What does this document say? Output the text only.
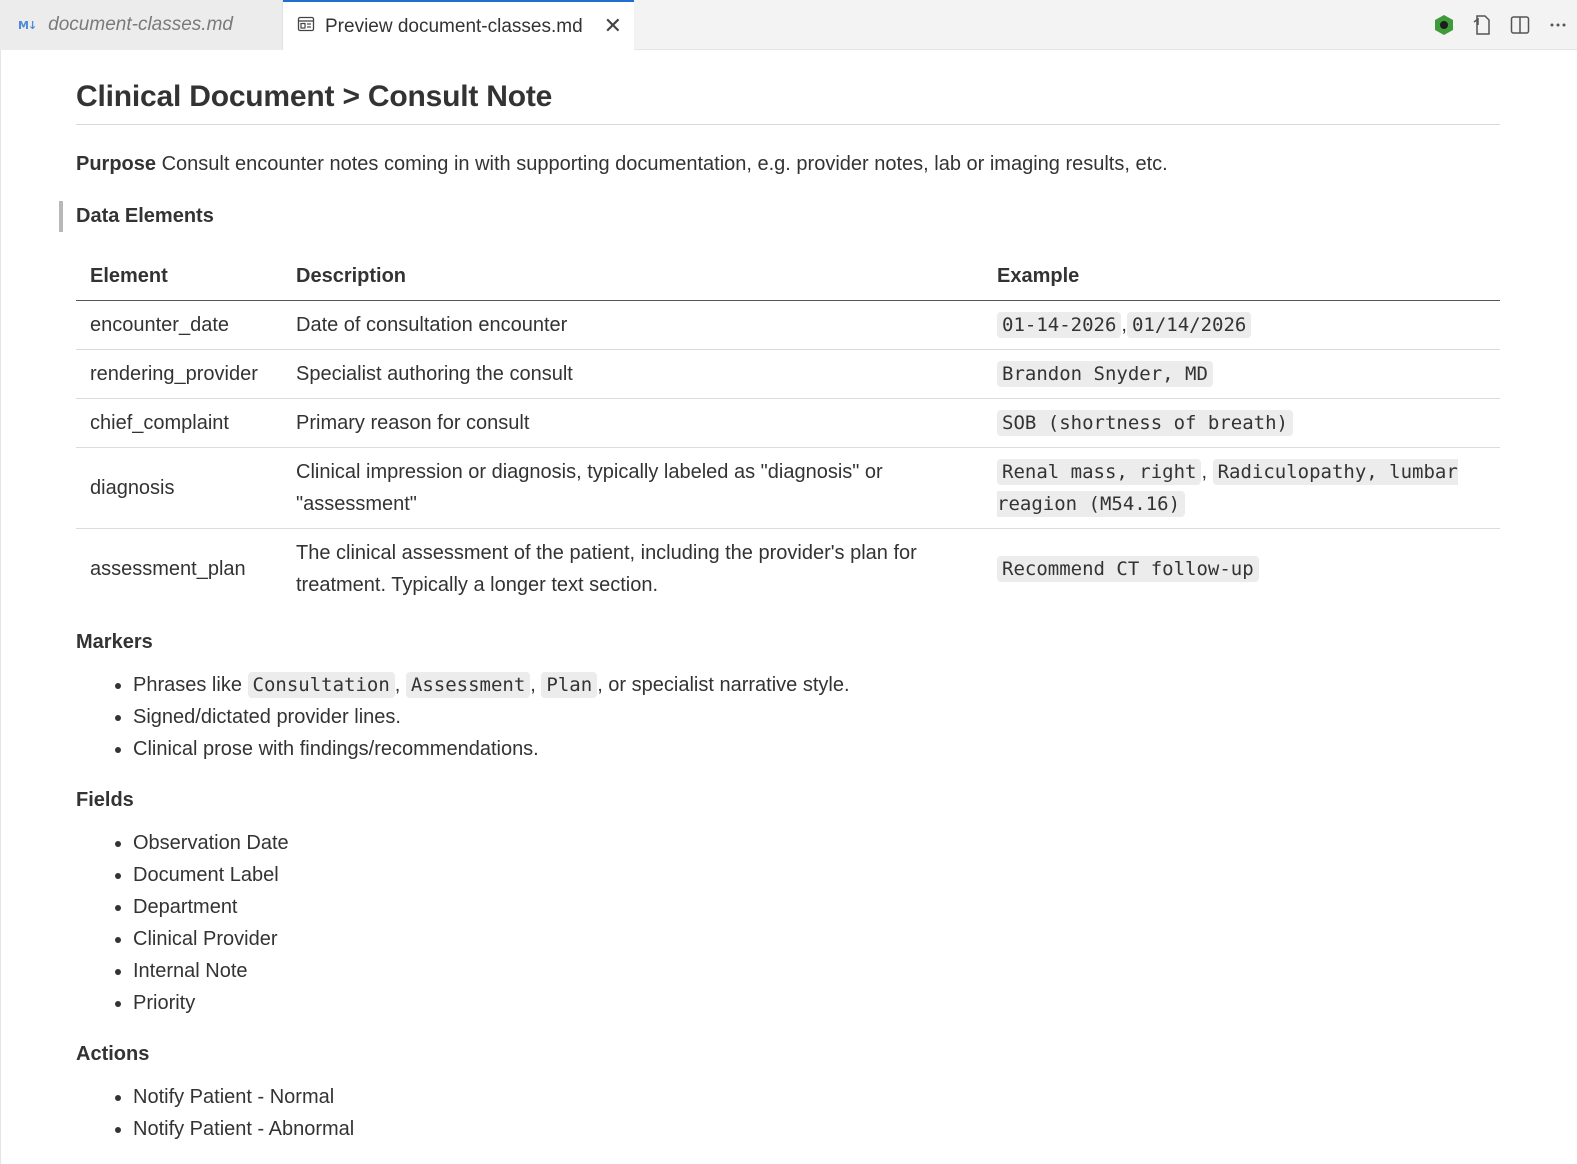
M↓ document-classes.md	Preview document-classes.md ✕
Clinical Document > Consult Note

Purpose Consult encounter notes coming in with supporting documentation, e.g. provider notes, lab or imaging results, etc.

Data Elements
Element	Description	Example
encounter_date	Date of consultation encounter	01-14-2026 , 01/14/2026
rendering_provider	Specialist authoring the consult	Brandon Snyder, MD
chief_complaint	Primary reason for consult	SOB (shortness of breath)
diagnosis	Clinical impression or diagnosis, typically labeled as "diagnosis" or "assessment"	Renal mass, right , Radiculopathy, lumbar reagion (M54.16)
assessment_plan	The clinical assessment of the patient, including the provider's plan for treatment. Typically a longer text section.	Recommend CT follow-up
Markers
• Phrases like Consultation , Assessment , Plan , or specialist narrative style.
• Signed/dictated provider lines.
• Clinical prose with findings/recommendations.
Fields
• Observation Date
• Document Label
• Department
• Clinical Provider
• Internal Note
• Priority
Actions
• Notify Patient - Normal
• Notify Patient - Abnormal
